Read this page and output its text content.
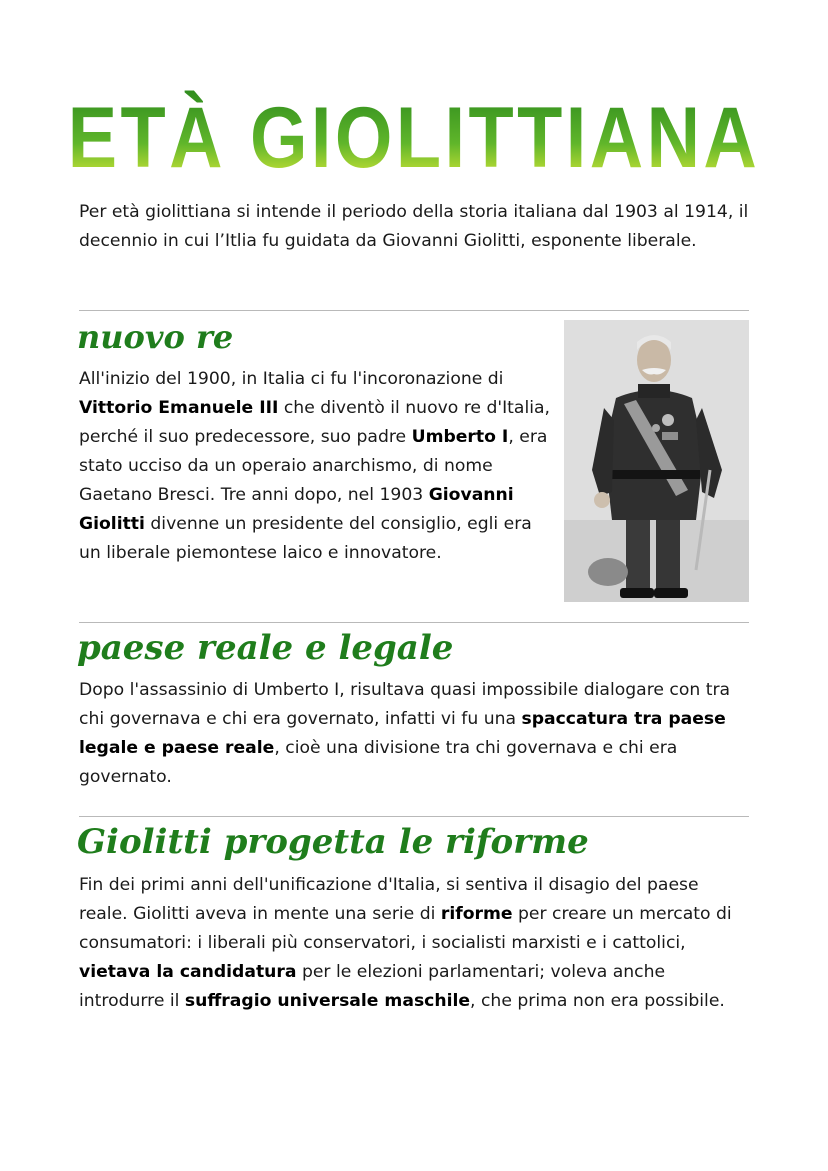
ETÀ GIOLITTIANA

Per età giolittiana si intende il periodo della storia italiana dal 1903 al 1914, il decennio in cui l’Itlia fu guidata da Giovanni Giolitti, esponente liberale.

nuovo re

All'inizio del 1900, in Italia ci fu l'incoronazione di Vittorio Emanuele III che diventò il nuovo re d'Italia, perché il suo predecessore, suo padre Umberto I, era stato ucciso da un operaio anarchismo, di nome Gaetano Bresci. Tre anni dopo, nel 1903 Giovanni Giolitti divenne un presidente del consiglio, egli era un liberale piemontese laico e innovatore.

paese reale e legale

Dopo l'assassinio di Umberto I, risultava quasi impossibile dialogare con tra chi governava e chi era governato, infatti vi fu una spaccatura tra paese legale e paese reale, cioè una divisione tra chi governava e chi era governato.

Giolitti progetta le riforme

Fin dei primi anni dell'unificazione d'Italia, si sentiva il disagio del paese reale. Giolitti aveva in mente una serie di riforme per creare un mercato di consumatori: i liberali più conservatori, i socialisti marxisti e i cattolici, vietava la candidatura per le elezioni parlamentari; voleva anche introdurre il suffragio universale maschile, che prima non era possibile.
